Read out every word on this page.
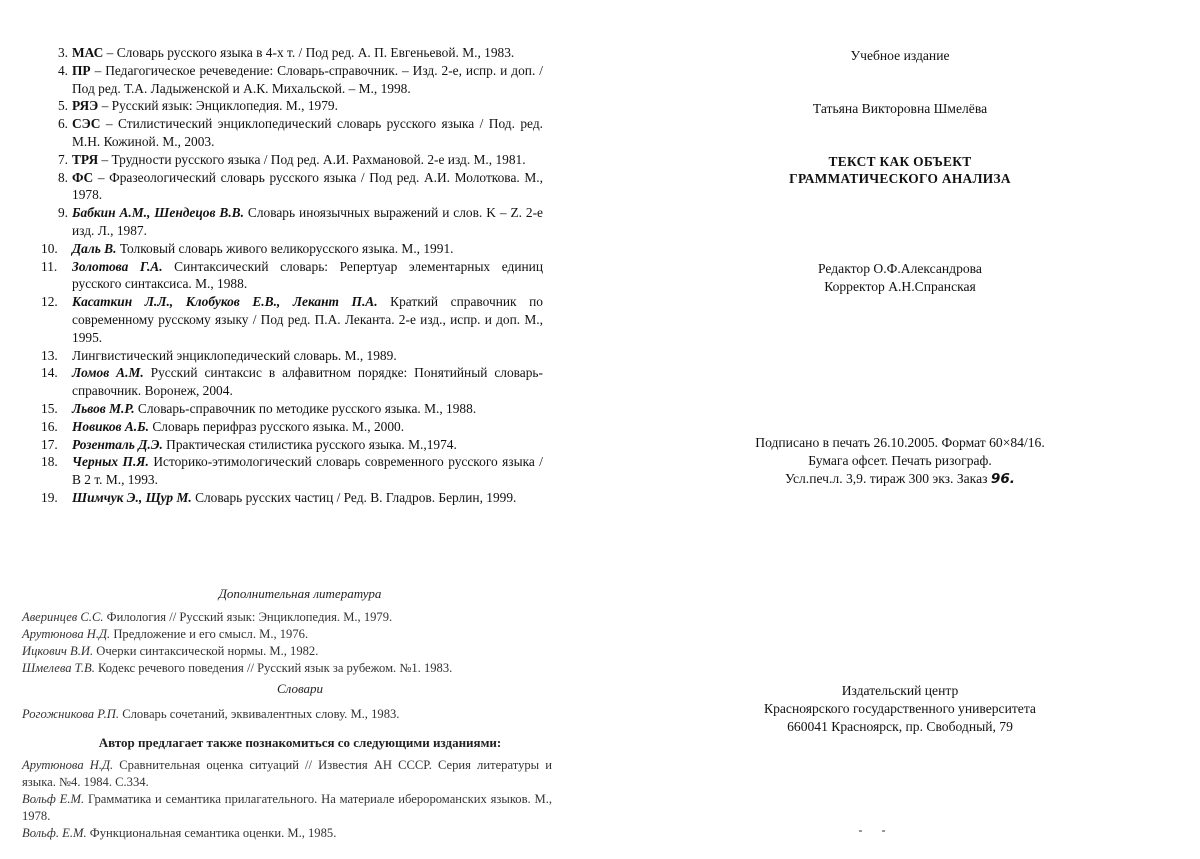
3. МАС – Словарь русского языка в 4-х т. / Под ред. А. П. Евгеньевой. М., 1983.
4. ПР – Педагогическое речеведение: Словарь-справочник. – Изд. 2-е, испр. и доп. / Под ред. Т.А. Ладыженской и А.К. Михальской. – М., 1998.
5. РЯЭ – Русский язык: Энциклопедия. М., 1979.
6. СЭС – Стилистический энциклопедический словарь русского языка / Под. ред. М.Н. Кожиной. М., 2003.
7. ТРЯ – Трудности русского языка / Под ред. А.И. Рахмановой. 2-е изд. М., 1981.
8. ФС – Фразеологический словарь русского языка / Под ред. А.И. Молоткова. М., 1978.
9. Бабкин А.М., Шендецов В.В. Словарь иноязычных выражений и слов. K – Z. 2-е изд. Л., 1987.
10.	Даль В. Толковый словарь живого великорусского языка. М., 1991.
11.	Золотова Г.А. Синтаксический словарь: Репертуар элементарных единиц русского синтаксиса. М., 1988.
12.	Касаткин Л.Л., Клобуков Е.В., Лекант П.А. Краткий справочник по современному русскому языку / Под ред. П.А. Леканта. 2-е изд., испр. и доп. М., 1995.
13.	Лингвистический энциклопедический словарь. М., 1989.
14.	Ломов А.М. Русский синтаксис в алфавитном порядке: Понятийный словарь-справочник. Воронеж, 2004.
15.	Львов М.Р. Словарь-справочник по методике русского языка. М., 1988.
16.	Новиков А.Б. Словарь перифраз русского языка. М., 2000.
17.	Розенталь Д.Э. Практическая стилистика русского языка. М.,1974.
18.	Черных П.Я. Историко-этимологический словарь современного русского языка / В 2 т. М., 1993.
19.	Шимчук Э., Щур М. Словарь русских частиц / Ред. В. Гладров. Берлин, 1999.
Дополнительная литература
Аверинцев С.С. Филология // Русский язык: Энциклопедия. М., 1979.
Арутюнова Н.Д. Предложение и его смысл. М., 1976.
Ицкович В.И. Очерки синтаксической нормы. М., 1982.
Шмелева Т.В. Кодекс речевого поведения // Русский язык за рубежом. №1. 1983.
Словари
Рогожникова Р.П. Словарь сочетаний, эквивалентных слову. М., 1983.
Автор предлагает также познакомиться со следующими изданиями:
Арутюнова Н.Д. Сравнительная оценка ситуаций // Известия АН СССР. Серия литературы и языка. №4. 1984. С.334.
Вольф Е.М. Грамматика и семантика прилагательного. На материале иберороманских языков. М., 1978.
Вольф. Е.М. Функциональная семантика оценки. М., 1985.
Учебное издание
Татьяна Викторовна Шмелёва
ТЕКСТ КАК ОБЪЕКТ
ГРАММАТИЧЕСКОГО АНАЛИЗА
Редактор О.Ф.Александрова
Корректор А.Н.Спранская
Подписано в печать 26.10.2005. Формат 60×84/16.
Бумага офсет. Печать ризограф.
Усл.печ.л. 3,9. тираж 300 экз. Заказ 96.
Издательский центр
Красноярского государственного университета
660041 Красноярск, пр. Свободный, 79
